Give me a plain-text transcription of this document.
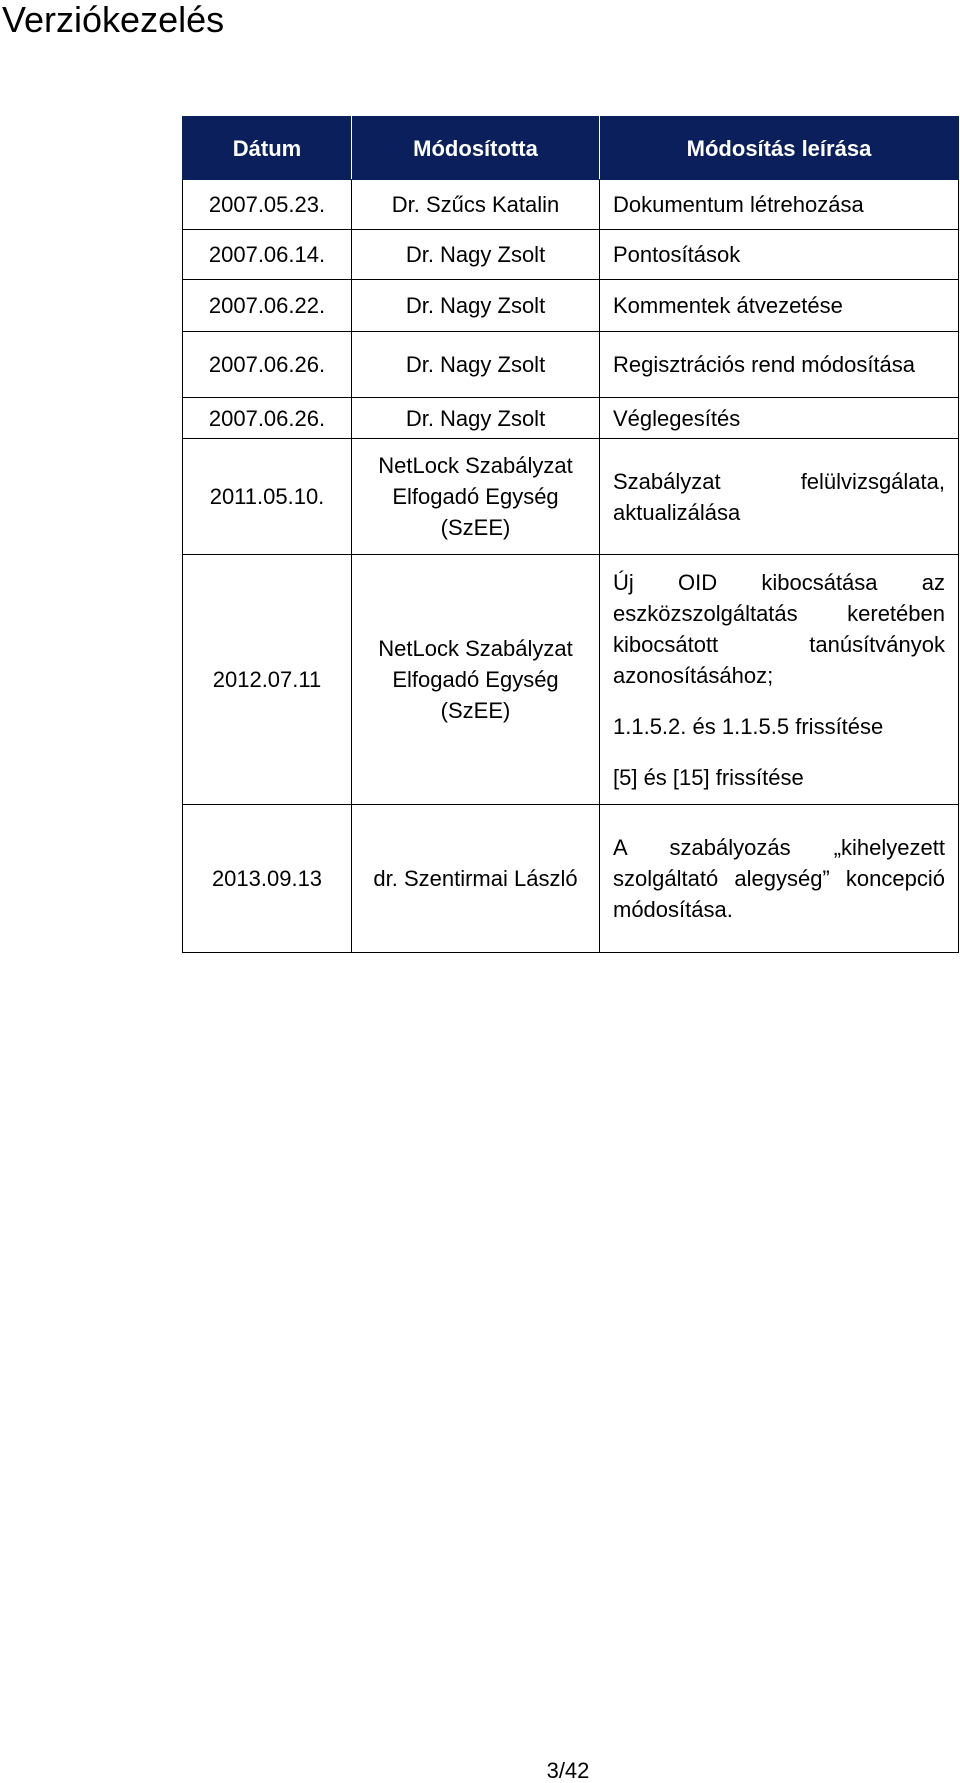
Verziókezelés
Dátum	Módosította	Módosítás leírása
2007.05.23.	Dr. Szűcs Katalin	Dokumentum létrehozása
2007.06.14.	Dr. Nagy Zsolt	Pontosítások
2007.06.22.	Dr. Nagy Zsolt	Kommentek átvezetése
2007.06.26.	Dr. Nagy Zsolt	Regisztrációs rend módosítása
2007.06.26.	Dr. Nagy Zsolt	Véglegesítés
2011.05.10.	NetLock Szabályzat Elfogadó Egység (SzEE)	Szabályzat felülvizsgálata, aktualizálása
2012.07.11	NetLock Szabályzat Elfogadó Egység (SzEE)	Új OID kibocsátása az eszközszolgáltatás keretében kibocsátott tanúsítványok azonosításához;
1.1.5.2. és 1.1.5.5 frissítése
[5] és [15] frissítése

2013.09.13	dr. Szentirmai László	A szabályozás „kihelyezett szolgáltató alegység” koncepció módosítása.
3/42
